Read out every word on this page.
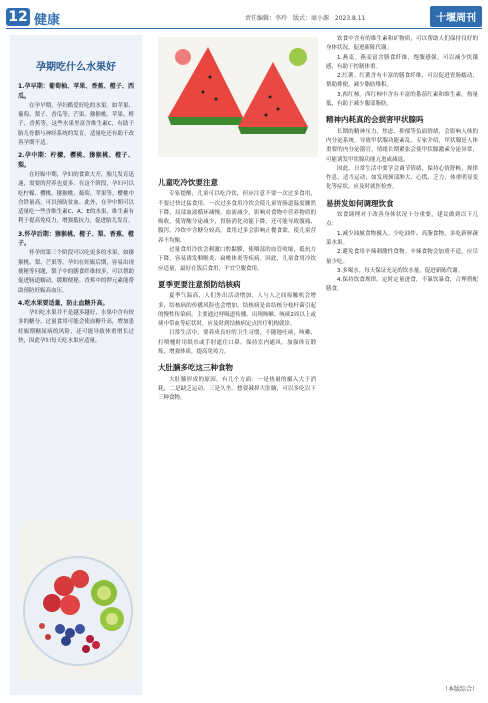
12 健康	责任编辑：李玲 版式：商小源 2023.8.11	十堰周刊
孕期吃什么水果好
1.孕早期：葡萄柚、苹果、香蕉、橙子、西瓜。

在孕早期，孕妇酷爱好吃的水果。如苹果、葡萄、梨子、香瓜等，芒果、猕猴桃、苹果、橙子、香蕉等，这些水果里富含维生素C，有助于胎儿骨骼与神经系统的发育，适量吃还有助于改善孕期不适。

2.孕中期：柠檬、樱桃、猕猴桃、橙子、梨。

在妊娠中期，孕妇的食欲大开，胎儿发育迅速，需要的营养也更多。在这个阶段，孕妇可以吃柠檬、樱桃、猕猴桃、葡萄、苹果等。樱桃中含铁量高，可以预防贫血。此外，在孕中期可以适量吃一些含维生素C、A、E的水果，维生素有利于提高免疫力，增强抵抗力，促进胎儿发育。

3.怀孕后期：猕猴桃、橙子、梨、香蕉、橙子。

怀孕的第三个阶段可以吃更多的水果，如猕猴桃、梨、芒果等。孕妇在妊娠后期，容易出现便秘等问题，梨子中的膳食纤维较多，可以帮助促进肠道蠕动，缓解便秘。香蕉中的钾元素能帮助预防妊娠高血压。

4.吃水果要适量，防止血糖升高。

孕妇吃水果并不是越多越好，水果中含有较多的糖分，过量食用可能会使血糖升高，增加患妊娠期糖尿病的风险，还可能导致体重增长过快，因此孕妇每天吃水果应适量。

儿童吃冷饮要注意

专家提醒，儿童可以吃冷饮，但应注意不要一次过多食用，不要过快过猛食用。一次过多食用冷饮会使儿童胃肠道温度骤然下降，局部血液循环减慢，血流减少，影响对食物中营养物质的吸收，使胃酸分泌减少，胃肠消化功能下降，还可能导致腹痛、腹泻。冷饮中含糖分较高，食用过多会影响正餐食欲，使儿童营养不均衡。

过量食用冷饮会刺激口腔黏膜，使咽部的血管收缩，抵抗力下降，容易诱发咽喉炎、扁桃体炎等疾病。因此，儿童食用冷饮应适量，最好在饭后食用，不宜空腹食用。

夏季更要注意预防结核病

夏季气温高，人们外出活动增加，人与人之间接触机会增多，结核病的传播风险也会增加。结核病是由结核分枝杆菌引起的慢性传染病，主要通过呼吸道传播。出现咳嗽、咳痰2周以上或痰中带血等症状时，应及时到结核病定点医疗机构就诊。

日常生活中，要养成良好的卫生习惯，不随地吐痰，咳嗽、打喷嚏时用纸巾或手肘遮住口鼻，保持室内通风，加强体育锻炼，增强体质，提高免疫力。

大肚腩多吃这三种食物

大肚腩形成的原因，有几个方面：一是热量的摄入大于消耗，二是缺乏运动，三是久坐。想要减掉大肚腩，可以多吃以下三种食物。

饮食中含有的维生素和矿物质，可以帮助人们保持良好的身体状况，促进新陈代谢。

1.燕麦。燕麦富含膳食纤维，饱腹感强，可以减少饥饿感，有助于控制体重。

2.红薯。红薯含有丰富的膳食纤维，可以促进胃肠蠕动，帮助排便，减少脂肪堆积。

3.西红柿。西红柿中含有丰富的番茄红素和维生素，热量低，有助于减少腹部脂肪。

精神内耗真的会损害甲状腺吗

长期的精神压力、焦虑、抑郁等负面情绪，会影响人体的内分泌系统，导致甲状腺功能紊乱。专家介绍，甲状腺是人体重要的内分泌器官，情绪长期紧张会使甲状腺激素分泌异常，可能诱发甲状腺功能亢进或减退。

因此，日常生活中要学会调节情绪，保持心情舒畅，规律作息，适当运动，如发现颈部肿大、心慌、乏力、体重明显变化等症状，应及时就医检查。

易拼发如何调理饮食

饮食调理对于改善身体状况十分重要，建议做到以下几点：

1.减少油腻食物摄入。少吃油炸、高脂食物，多吃新鲜蔬菜水果。

2.避免食用辛辣刺激性食物。辛辣食物会加重不适，应尽量少吃。

3.多喝水。每天保证充足的饮水量，促进新陈代谢。

4.保持饮食规律。定时定量进食，不暴饮暴食，合理搭配膳食。

（本版综合）
